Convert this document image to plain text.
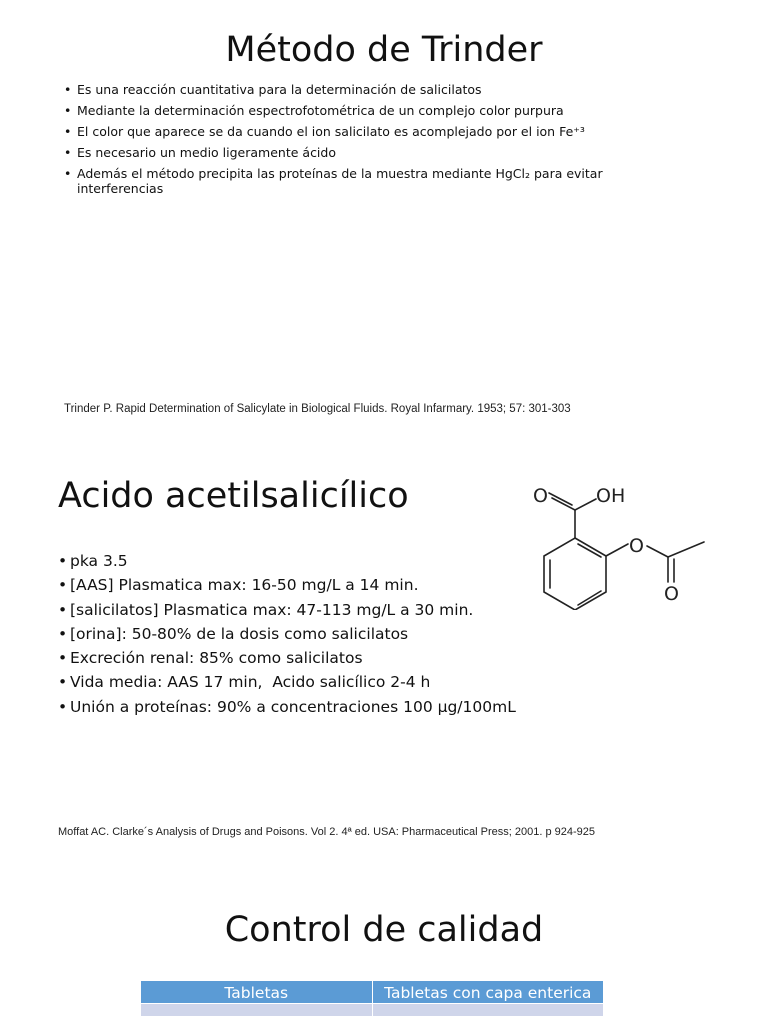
Método de Trinder
• Es una reacción cuantitativa para la determinación de salicilatos
• Mediante la determinación espectrofotométrica de un complejo color purpura
• El color que aparece se da cuando el ion salicilato es acomplejado por el ion Fe⁺³
• Es necesario un medio ligeramente ácido
• Además el método precipita las proteínas de la muestra mediante HgCl₂ para evitar interferencias
Trinder P. Rapid Determination of Salicylate in Biological Fluids. Royal Infarmary. 1953; 57: 301-303
Acido acetilsalicílico	O	OH
O
O
• pka 3.5
• [AAS] Plasmatica max: 16-50 mg/L a 14 min.
• [salicilatos] Plasmatica max: 47-113 mg/L a 30 min.
• [orina]: 50-80% de la dosis como salicilatos
• Excreción renal: 85% como salicilatos
• Vida media: AAS 17 min,  Acido salicílico 2-4 h
• Unión a proteínas: 90% a concentraciones 100 µg/100mL
Moffat AC. Clarke´s Analysis of Drugs and Poisons. Vol 2. 4ª ed. USA: Pharmaceutical Press; 2001. p 924-925
Control de calidad
Tabletas	Tabletas con capa enterica
